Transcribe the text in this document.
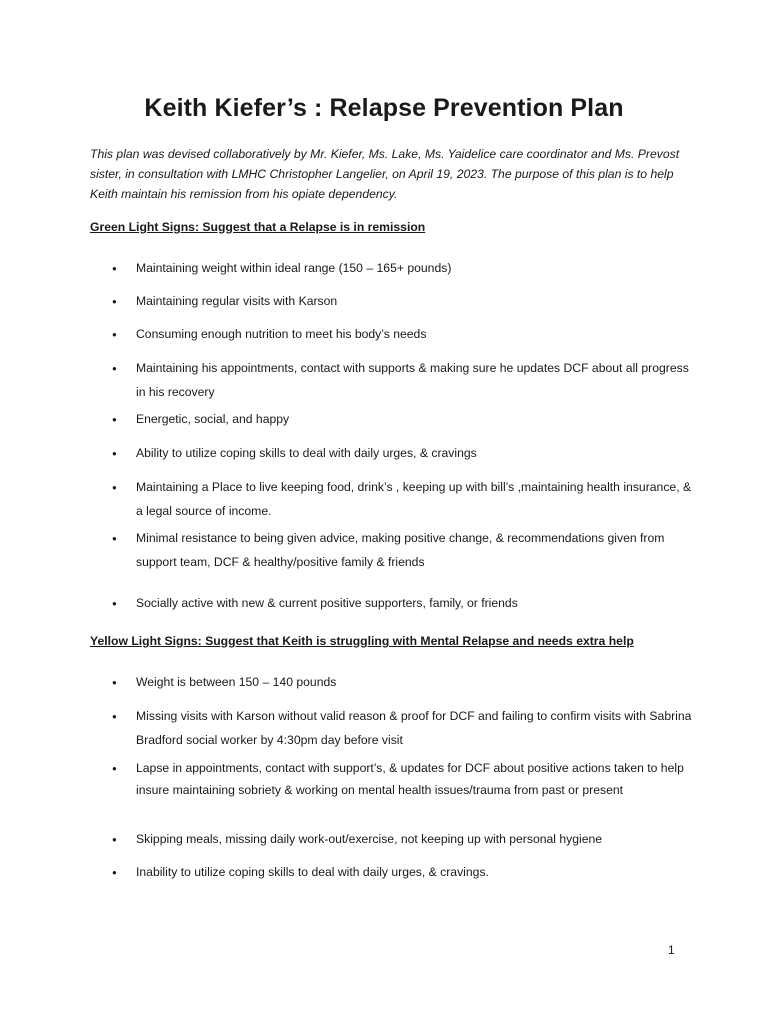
Keith Kiefer’s : Relapse Prevention Plan

This plan was devised collaboratively by Mr. Kiefer, Ms. Lake, Ms. Yaidelice care coordinator and Ms. Prevost sister, in consultation with LMHC Christopher Langelier, on April 19, 2023. The purpose of this plan is to help Keith maintain his remission from his opiate dependency.

Green Light Signs: Suggest that a Relapse is in remission

● Maintaining weight within ideal range (150 – 165+ pounds)

● Maintaining regular visits with Karson

● Consuming enough nutrition to meet his body’s needs

● Maintaining his appointments, contact with supports & making sure he updates DCF about all progress in his recovery

● Energetic, social, and happy

● Ability to utilize coping skills to deal with daily urges, & cravings

● Maintaining a Place to live keeping food, drink’s , keeping up with bill’s ,maintaining health insurance, & a legal source of income.

● Minimal resistance to being given advice, making positive change, & recommendations given from support team, DCF & healthy/positive family & friends

● Socially active with new & current positive supporters, family, or friends

Yellow Light Signs: Suggest that Keith is struggling with Mental Relapse and needs extra help

● Weight is between 150 – 140 pounds

● Missing visits with Karson without valid reason & proof for DCF and failing to confirm visits with Sabrina Bradford social worker by 4:30pm day before visit

● Lapse in appointments, contact with support’s, & updates for DCF about positive actions taken to help insure maintaining sobriety & working on mental health issues/trauma from past or present

● Skipping meals, missing daily work-out/exercise, not keeping up with personal hygiene

● Inability to utilize coping skills to deal with daily urges, & cravings.

1
